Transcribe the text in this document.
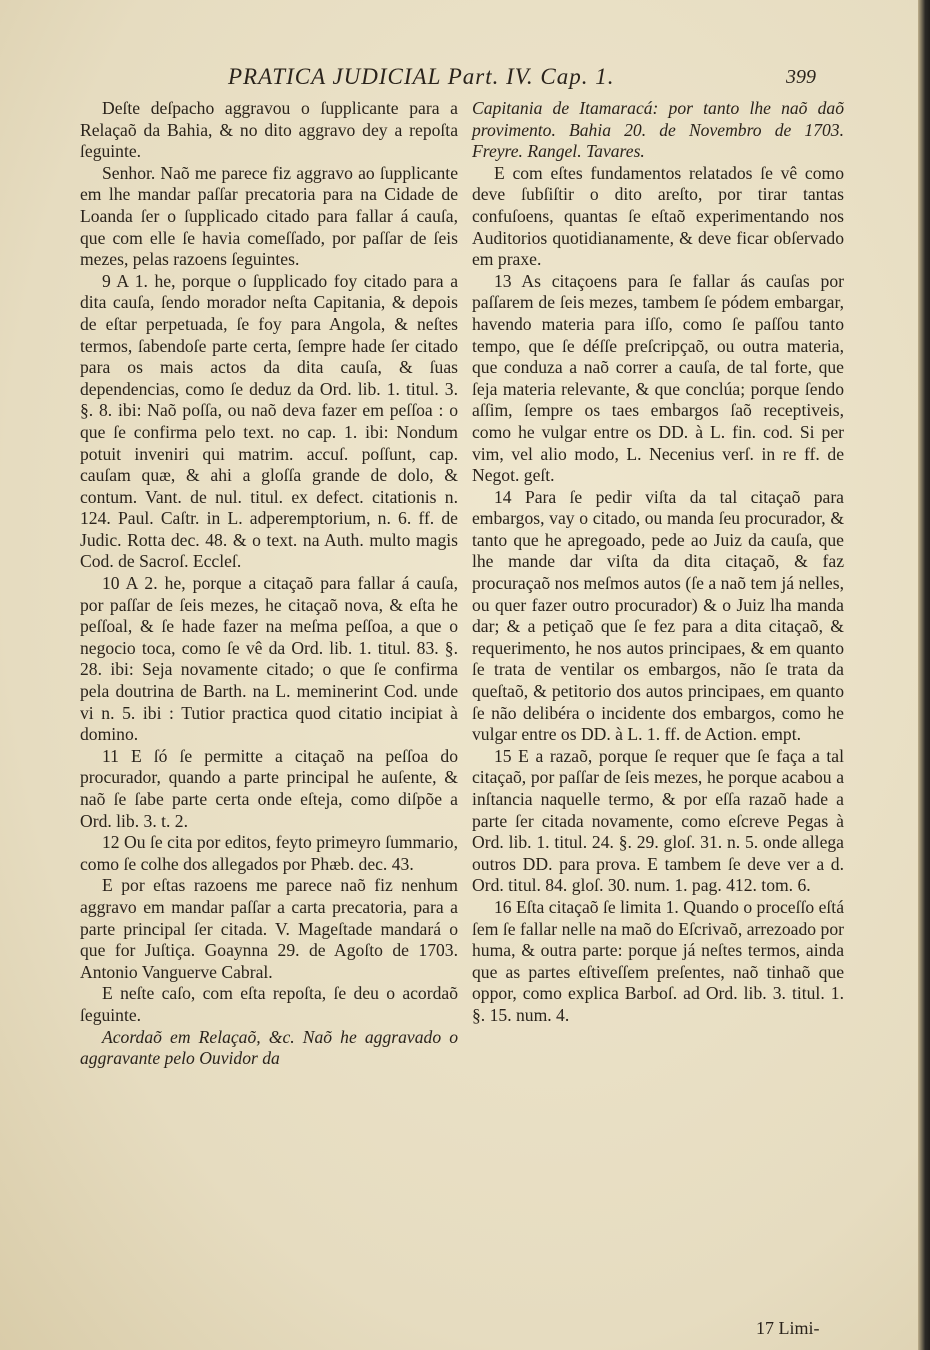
PRATICA JUDICIAL Part. IV. Cap. 1.	399

Deſte deſpacho aggravou o ſupplicante para a Relaçaõ da Bahia, & no dito aggravo dey a repoſta ſeguinte.

Senhor. Naõ me parece fiz aggravo ao ſupplicante em lhe mandar paſſar precatoria para na Cidade de Loanda ſer o ſupplicado citado para fallar á cauſa, que com elle ſe havia comeſſado, por paſſar de ſeis mezes, pelas razoens ſeguintes.

9 A 1. he, porque o ſupplicado foy citado para a dita cauſa, ſendo morador neſta Capitania, & depois de eſtar perpetuada, ſe foy para Angola, & neſtes termos, ſabendoſe parte certa, ſempre hade ſer citado para os mais actos da dita cauſa, & ſuas dependencias, como ſe deduz da Ord. lib. 1. titul. 3. §. 8. ibi: Naõ poſſa, ou naõ deva fazer em peſſoa : o que ſe confirma pelo text. no cap. 1. ibi: Nondum potuit inveniri qui matrim. accuſ. poſſunt, cap. cauſam quæ, & ahi a gloſſa grande de dolo, & contum. Vant. de nul. titul. ex defect. citationis n. 124. Paul. Caſtr. in L. adperemptorium, n. 6. ff. de Judic. Rotta dec. 48. & o text. na Auth. multo magis Cod. de Sacroſ. Eccleſ.

10 A 2. he, porque a citaçaõ para fallar á cauſa, por paſſar de ſeis mezes, he citaçaõ nova, & eſta he peſſoal, & ſe hade fazer na meſma peſſoa, a que o negocio toca, como ſe vê da Ord. lib. 1. titul. 83. §. 28. ibi: Seja novamente citado; o que ſe confirma pela doutrina de Barth. na L. meminerint Cod. unde vi n. 5. ibi : Tutior practica quod citatio incipiat à domino.

11 E ſó ſe permitte a citaçaõ na peſſoa do procurador, quando a parte principal he auſente, & naõ ſe ſabe parte certa onde eſteja, como diſpõe a Ord. lib. 3. t. 2.

12 Ou ſe cita por editos, feyto primeyro ſummario, como ſe colhe dos allegados por Phæb. dec. 43.

E por eſtas razoens me parece naõ fiz nenhum aggravo em mandar paſſar a carta precatoria, para a parte principal ſer citada. V. Mageſtade mandará o que for Juſtiça. Goaynna 29. de Agoſto de 1703. Antonio Vanguerve Cabral.

E neſte caſo, com eſta repoſta, ſe deu o acordaõ ſeguinte.

Acordaõ em Relaçaõ, &c. Naõ he aggravado o aggravante pelo Ouvidor da

Capitania de Itamaracá: por tanto lhe naõ daõ provimento. Bahia 20. de Novembro de 1703. Freyre. Rangel. Tavares.

E com eſtes fundamentos relatados ſe vê como deve ſubſiſtir o dito areſto, por tirar tantas confuſoens, quantas ſe eſtaõ experimentando nos Auditorios quotidianamente, & deve ficar obſervado em praxe.

13 As citaçoens para ſe fallar ás cauſas por paſſarem de ſeis mezes, tambem ſe pódem embargar, havendo materia para iſſo, como ſe paſſou tanto tempo, que ſe déſſe preſcripçaõ, ou outra materia, que conduza a naõ correr a cauſa, de tal forte, que ſeja materia relevante, & que conclúa; porque ſendo aſſim, ſempre os taes embargos ſaõ receptiveis, como he vulgar entre os DD. à L. fin. cod. Si per vim, vel alio modo, L. Necenius verſ. in re ff. de Negot. geſt.

14 Para ſe pedir viſta da tal citaçaõ para embargos, vay o citado, ou manda ſeu procurador, & tanto que he apregoado, pede ao Juiz da cauſa, que lhe mande dar viſta da dita citaçaõ, & faz procuraçaõ nos meſmos autos (ſe a naõ tem já nelles, ou quer fazer outro procurador) & o Juiz lha manda dar; & a petiçaõ que ſe fez para a dita citaçaõ, & requerimento, he nos autos principaes, & em quanto ſe trata de ventilar os embargos, não ſe trata da queſtaõ, & petitorio dos autos principaes, em quanto ſe não delibéra o incidente dos embargos, como he vulgar entre os DD. à L. 1. ff. de Action. empt.

15 E a razaõ, porque ſe requer que ſe faça a tal citaçaõ, por paſſar de ſeis mezes, he porque acabou a inſtancia naquelle termo, & por eſſa razaõ hade a parte ſer citada novamente, como eſcreve Pegas à Ord. lib. 1. titul. 24. §. 29. gloſ. 31. n. 5. onde allega outros DD. para prova. E tambem ſe deve ver a d. Ord. titul. 84. gloſ. 30. num. 1. pag. 412. tom. 6.

16 Eſta citaçaõ ſe limita 1. Quando o proceſſo eſtá ſem ſe fallar nelle na maõ do Eſcrivaõ, arrezoado por huma, & outra parte: porque já neſtes termos, ainda que as partes eſtiveſſem preſentes, naõ tinhaõ que oppor, como explica Barboſ. ad Ord. lib. 3. titul. 1. §. 15. num. 4.

17 Limi-
